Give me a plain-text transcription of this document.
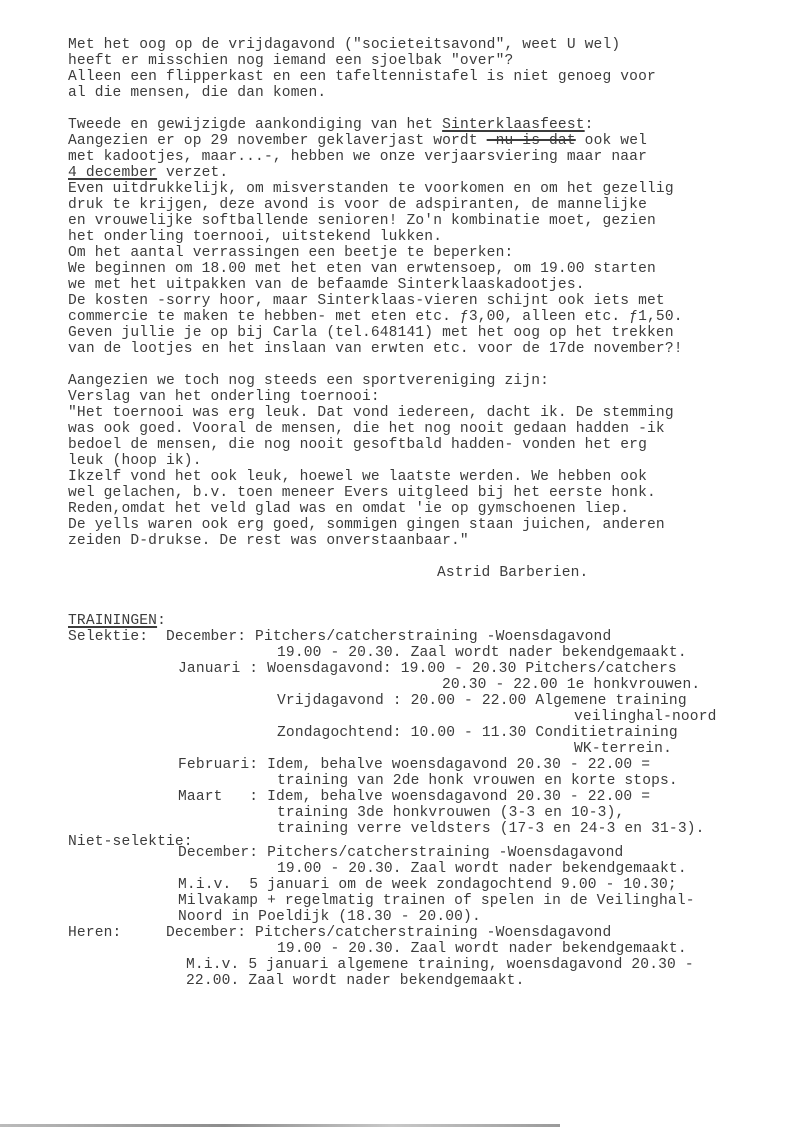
Met het oog op de vrijdagavond ("societeitsavond", weet U wel)
heeft er misschien nog iemand een sjoelbak "over"?
Alleen een flipperkast en een tafeltennistafel is niet genoeg voor
al die mensen, die dan komen.
Tweede en gewijzigde aankondiging van het Sinterklaasfeest:
Aangezien er op 29 november geklaverjast wordt -nu is dat ook wel
met kadootjes, maar...-, hebben we onze verjaarsviering maar naar
4 december verzet.
Even uitdrukkelijk, om misverstanden te voorkomen en om het gezellig
druk te krijgen, deze avond is voor de adspiranten, de mannelijke
en vrouwelijke softballende senioren! Zo'n kombinatie moet, gezien
het onderling toernooi, uitstekend lukken.
Om het aantal verrassingen een beetje te beperken:
We beginnen om 18.00 met het eten van erwtensoep, om 19.00 starten
we met het uitpakken van de befaamde Sinterklaaskadootjes.
De kosten -sorry hoor, maar Sinterklaas-vieren schijnt ook iets met
commercie te maken te hebben- met eten etc. ƒ3,00, alleen etc. ƒ1,50.
Geven jullie je op bij Carla (tel.648141) met het oog op het trekken
van de lootjes en het inslaan van erwten etc. voor de 17de november?!
Aangezien we toch nog steeds een sportvereniging zijn:
Verslag van het onderling toernooi:
"Het toernooi was erg leuk. Dat vond iedereen, dacht ik. De stemming
was ook goed. Vooral de mensen, die het nog nooit gedaan hadden -ik
bedoel de mensen, die nog nooit gesoftbald hadden- vonden het erg
leuk (hoop ik).
Ikzelf vond het ook leuk, hoewel we laatste werden. We hebben ook
wel gelachen, b.v. toen meneer Evers uitgleed bij het eerste honk.
Reden,omdat het veld glad was en omdat 'ie op gymschoenen liep.
De yells waren ook erg goed, sommigen gingen staan juichen, anderen
zeiden D-drukse. De rest was onverstaanbaar."
Astrid Barberien.
TRAININGEN:
Selektie:  December: Pitchers/catcherstraining -Woensdagavond
19.00 - 20.30. Zaal wordt nader bekendgemaakt.
Januari : Woensdagavond: 19.00 - 20.30 Pitchers/catchers
20.30 - 22.00 1e honkvrouwen.
Vrijdagavond : 20.00 - 22.00 Algemene training
veilinghal-noord
Zondagochtend: 10.00 - 11.30 Conditietraining
WK-terrein.
Februari: Idem, behalve woensdagavond 20.30 - 22.00 =
training van 2de honk vrouwen en korte stops.
Maart   : Idem, behalve woensdagavond 20.30 - 22.00 =
training 3de honkvrouwen (3-3 en 10-3),
training verre veldsters (17-3 en 24-3 en 31-3).
Niet-selektie:
December: Pitchers/catcherstraining -Woensdagavond
19.00 - 20.30. Zaal wordt nader bekendgemaakt.
M.i.v.  5 januari om de week zondagochtend 9.00 - 10.30;
Milvakamp + regelmatig trainen of spelen in de Veilinghal-
Noord in Poeldijk (18.30 - 20.00).
Heren:     December: Pitchers/catcherstraining -Woensdagavond
19.00 - 20.30. Zaal wordt nader bekendgemaakt.
M.i.v. 5 januari algemene training, woensdagavond 20.30 -
22.00. Zaal wordt nader bekendgemaakt.
